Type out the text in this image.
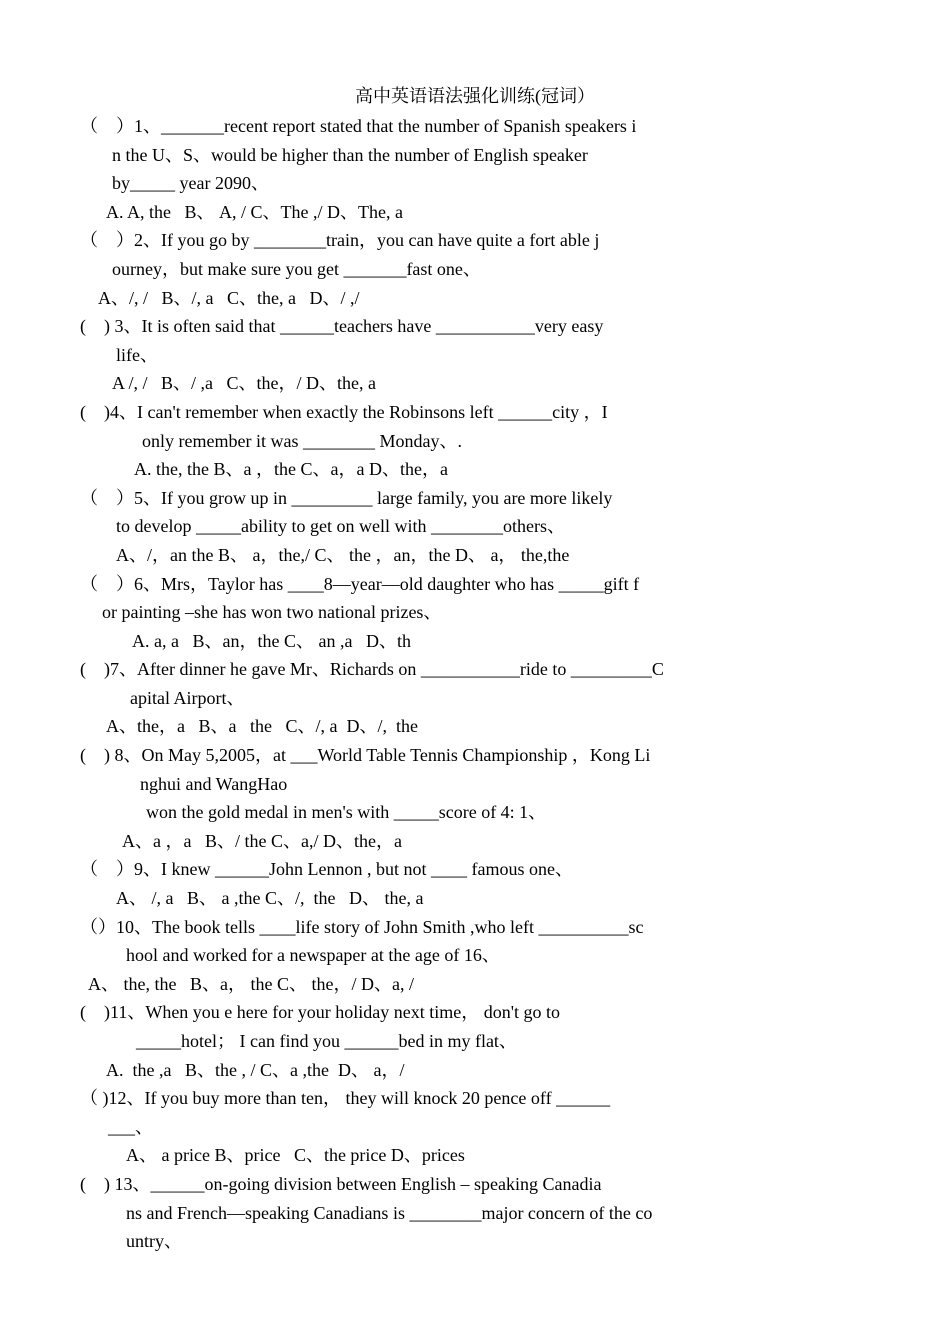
高中英语语法强化训练(冠词）
（　）1、 _______recent report stated that the number of Spanish speakers i
n the U、S、would be higher than the number of English speaker
by_____ year 2090、
A. A, the   B、 A, / C、The ,/ D、The, a
（　）2、 If you go by ________train，you can have quite a fort able j
ourney，but make sure you get _______fast one、
A、/, /   B、/, a   C、the, a   D、/ ,/
(　) 3、 It is often said that ______teachers have ___________very easy
life、
A /, /   B、/ ,a   C、the，/ D、the, a
(　)4、 I can't remember when exactly the Robinsons left ______city ，I
only remember it was ________ Monday、.
A. the, the B、a ，the C、a，a D、the，a
（　）5、 If you grow up in _________ large family, you are more likely
to develop _____ability to get on well with ________others、
A、/，an the B、 a，the,/ C、 the ，an，the D、 a， the,the
（　）6、 Mrs，Taylor has ____8—year—old daughter who has _____gift f
or painting –she has won two national prizes、
A. a, a   B、an，the C、 an ,a   D、th
(　)7、 After dinner he gave Mr、Richards on ___________ride to _________C
apital Airport、
A、the，a   B、a   the   C、/, a  D、/,  the
(　) 8、 On May 5,2005，at ___World Table Tennis Championship ，Kong Li
nghui and WangHao
won the gold medal in men's with _____score of 4: 1、
A、a ，a   B、/ the C、a,/ D、the，a
（　）9、 I knew ______John Lennon , but not ____ famous one、
A、 /, a   B、 a ,the C、/,  the   D、 the, a
（）10、 The book tells ____life story of John Smith ,who left __________sc
hool and worked for a newspaper at the age of 16、
A、 the, the   B、a， the C、 the，/ D、a, /
(　)11、 When you e here for your holiday next time， don't go to
_____hotel； I can find you ______bed in my flat、
A.  the ,a   B、the , / C、a ,the  D、 a，/
（ )12、 If you buy more than ten， they will knock 20 pence off ______
___、
A、 a price B、price   C、the price D、prices
(　) 13、 ______on-going division between English – speaking Canadia
ns and French—speaking Canadians is ________major concern of the co
untry、
